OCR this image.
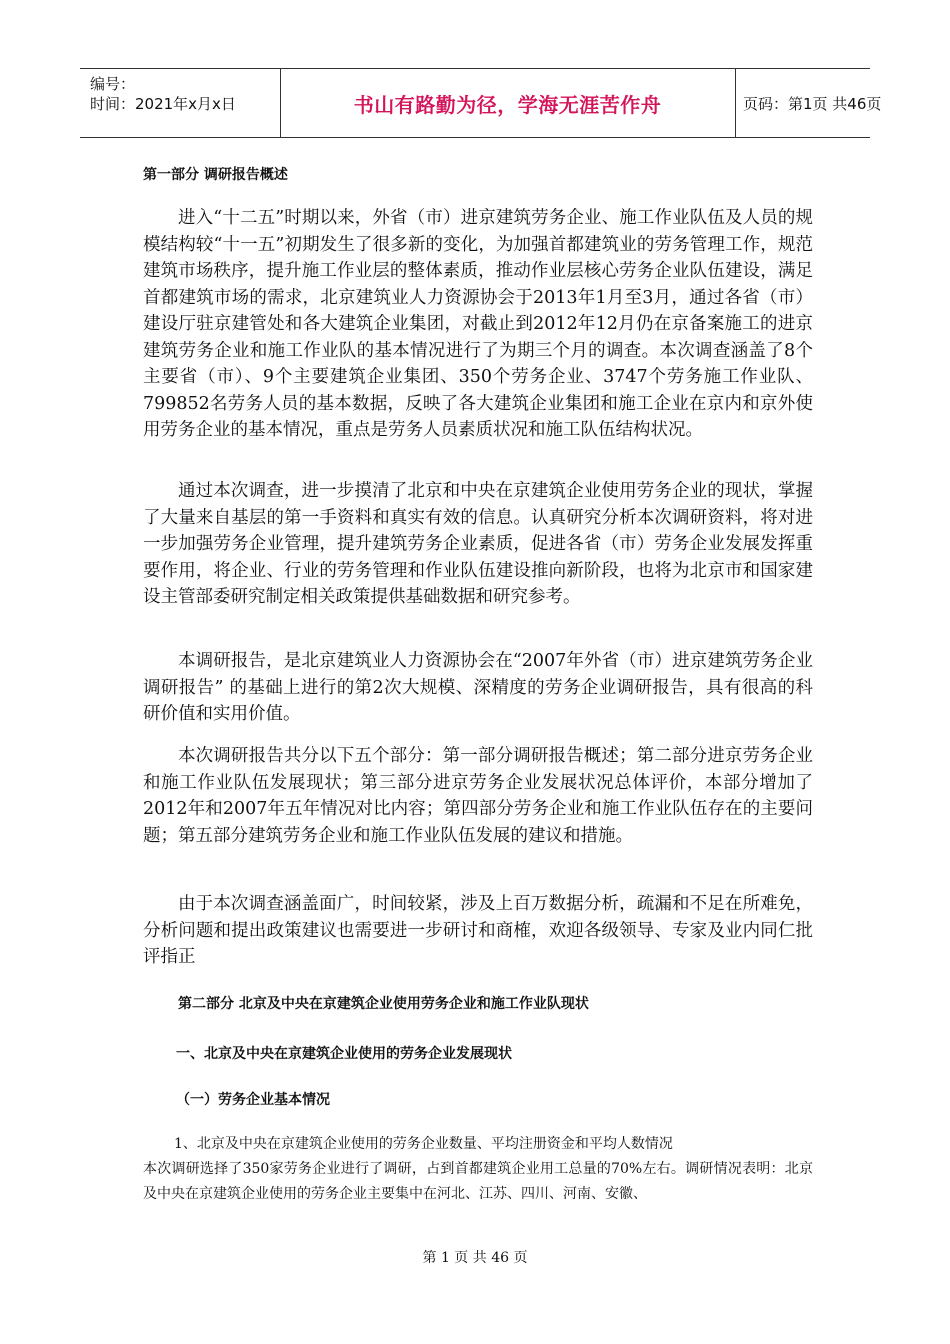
编号：
时间：2021年x月x日	书山有路勤为径，学海无涯苦作舟	页码：第1页 共46页
第一部分 调研报告概述

进入“十二五”时期以来，外省（市）进京建筑劳务企业、施工作业队伍及人员的规模结构较“十一五”初期发生了很多新的变化，为加强首都建筑业的劳务管理工作，规范建筑市场秩序，提升施工作业层的整体素质，推动作业层核心劳务企业队伍建设，满足首都建筑市场的需求，北京建筑业人力资源协会于2013年1月至3月，通过各省（市）建设厅驻京建管处和各大建筑企业集团，对截止到2012年12月仍在京备案施工的进京建筑劳务企业和施工作业队的基本情况进行了为期三个月的调查。本次调查涵盖了8个主要省（市）、9个主要建筑企业集团、350个劳务企业、3747个劳务施工作业队、799852名劳务人员的基本数据，反映了各大建筑企业集团和施工企业在京内和京外使用劳务企业的基本情况，重点是劳务人员素质状况和施工队伍结构状况。

通过本次调查，进一步摸清了北京和中央在京建筑企业使用劳务企业的现状，掌握了大量来自基层的第一手资料和真实有效的信息。认真研究分析本次调研资料，将对进一步加强劳务企业管理，提升建筑劳务企业素质，促进各省（市）劳务企业发展发挥重要作用，将企业、行业的劳务管理和作业队伍建设推向新阶段，也将为北京市和国家建设主管部委研究制定相关政策提供基础数据和研究参考。

本调研报告，是北京建筑业人力资源协会在“2007年外省（市）进京建筑劳务企业调研报告” 的基础上进行的第2次大规模、深精度的劳务企业调研报告，具有很高的科研价值和实用价值。

本次调研报告共分以下五个部分：第一部分调研报告概述；第二部分进京劳务企业和施工作业队伍发展现状；第三部分进京劳务企业发展状况总体评价，本部分增加了2012年和2007年五年情况对比内容；第四部分劳务企业和施工作业队伍存在的主要问题；第五部分建筑劳务企业和施工作业队伍发展的建议和措施。

由于本次调查涵盖面广，时间较紧，涉及上百万数据分析，疏漏和不足在所难免，分析问题和提出政策建议也需要进一步研讨和商榷，欢迎各级领导、专家及业内同仁批评指正

第二部分 北京及中央在京建筑企业使用劳务企业和施工作业队现状
一、北京及中央在京建筑企业使用的劳务企业发展现状
（一）劳务企业基本情况

1、北京及中央在京建筑企业使用的劳务企业数量、平均注册资金和平均人数情况

本次调研选择了350家劳务企业进行了调研，占到首都建筑企业用工总量的70%左右。调研情况表明：北京及中央在京建筑企业使用的劳务企业主要集中在河北、江苏、四川、河南、安徽、

第 1 页 共 46 页
